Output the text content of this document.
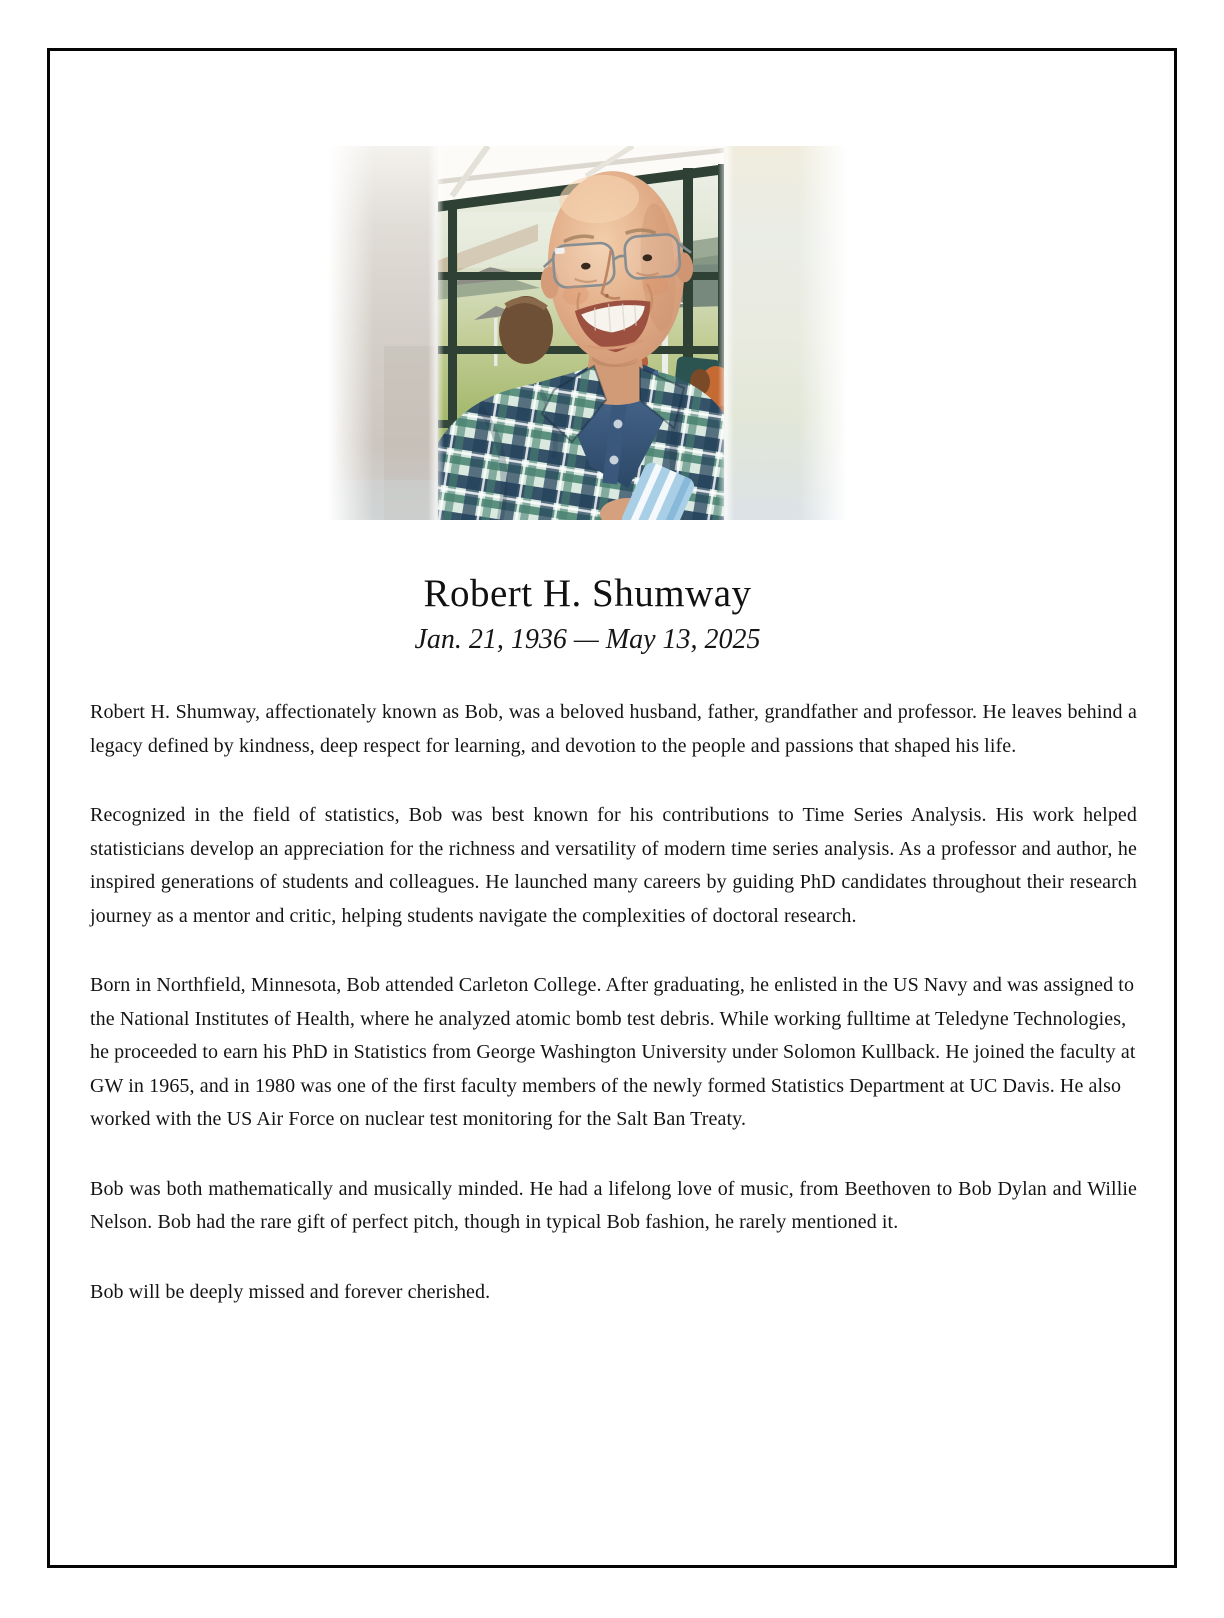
Robert H. Shumway
Jan. 21, 1936 — May 13, 2025

Robert H. Shumway, affectionately known as Bob, was a beloved husband, father, grandfather and professor. He leaves behind a legacy defined by kindness, deep respect for learning, and devotion to the people and passions that shaped his life.

Recognized in the field of statistics, Bob was best known for his contributions to Time Series Analysis. His work helped statisticians develop an appreciation for the richness and versatility of modern time series analysis. As a professor and author, he inspired generations of students and colleagues. He launched many careers by guiding PhD candidates throughout their research journey as a mentor and critic, helping students navigate the complexities of doctoral research.

Born in Northfield, Minnesota, Bob attended Carleton College. After graduating, he enlisted in the US Navy and was assigned to the National Institutes of Health, where he analyzed atomic bomb test debris. While working fulltime at Teledyne Technologies, he proceeded to earn his PhD in Statistics from George Washington University under Solomon Kullback. He joined the faculty at GW in 1965, and in 1980 was one of the first faculty members of the newly formed Statistics Department at UC Davis. He also worked with the US Air Force on nuclear test monitoring for the Salt Ban Treaty.

Bob was both mathematically and musically minded. He had a lifelong love of music, from Beethoven to Bob Dylan and Willie Nelson. Bob had the rare gift of perfect pitch, though in typical Bob fashion, he rarely mentioned it.

Bob will be deeply missed and forever cherished.
